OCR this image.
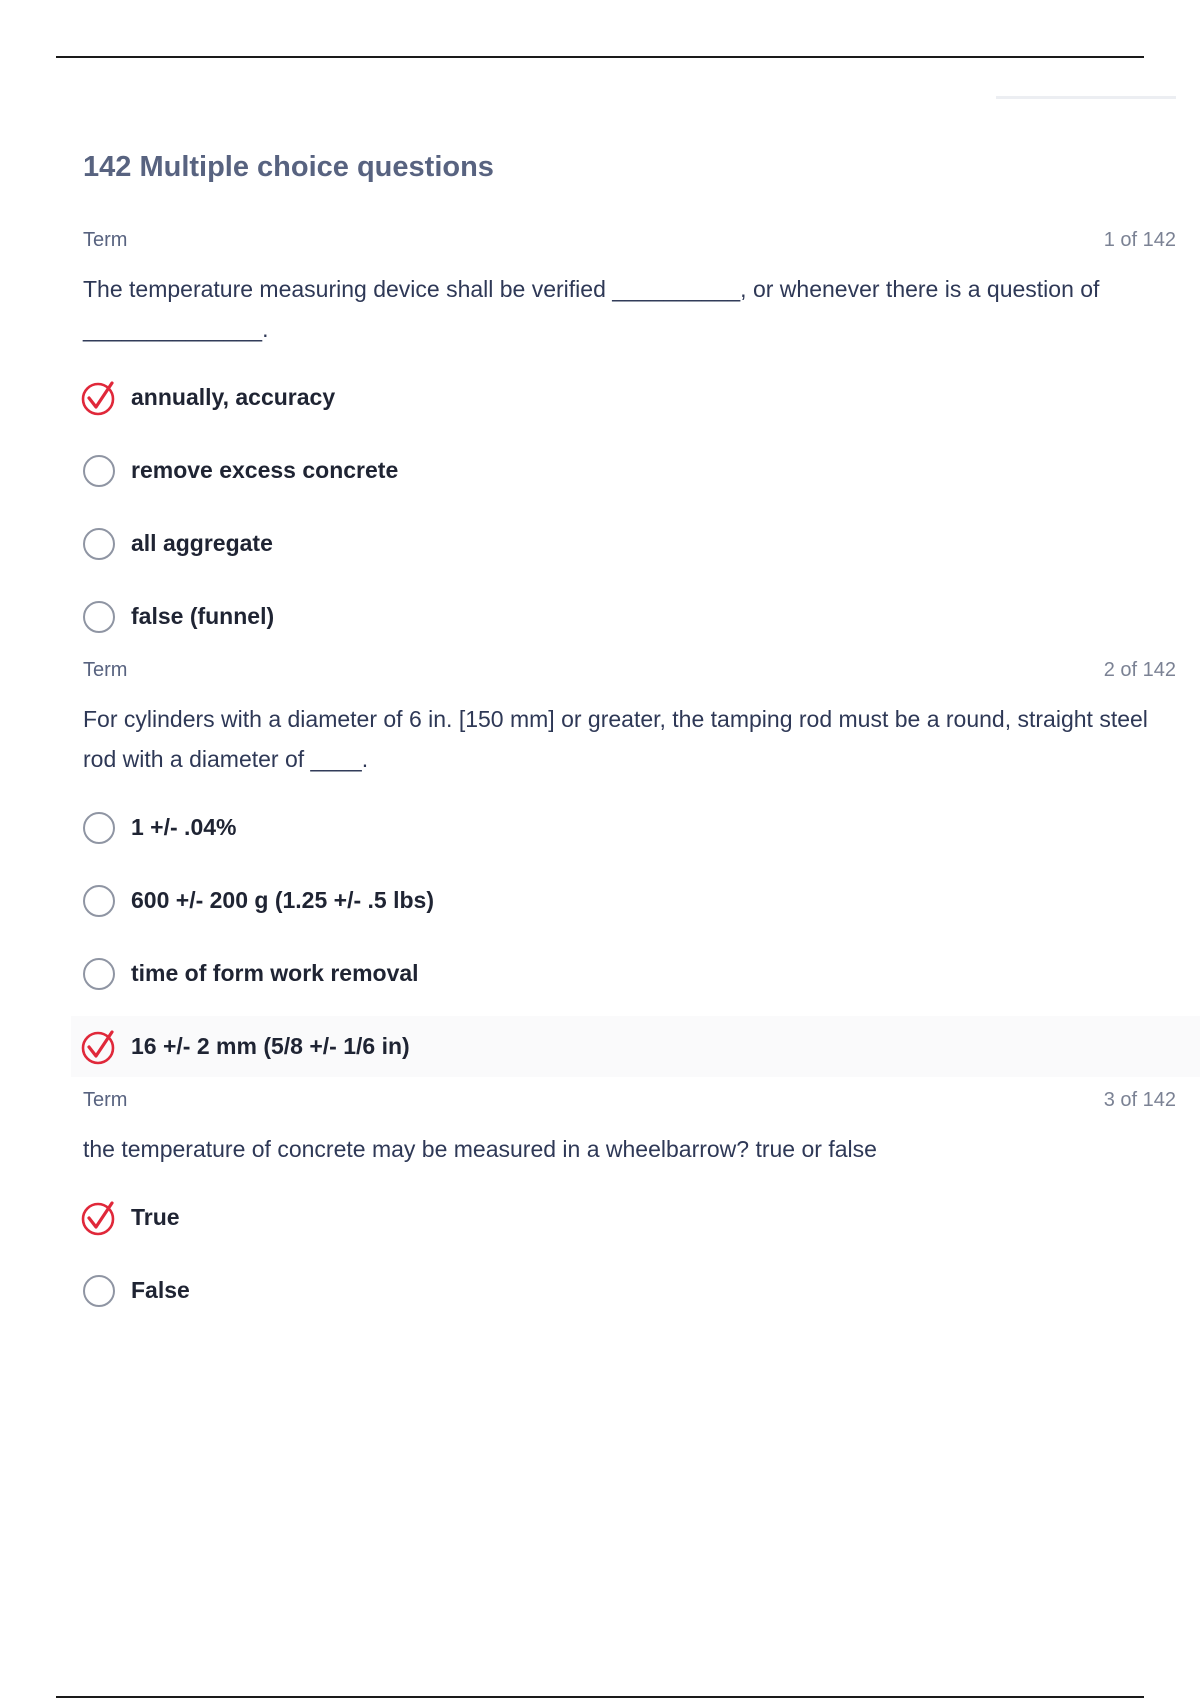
142 Multiple choice questions
Term	1 of 142
The temperature measuring device shall be verified __________, or whenever there is a question of ______________.
annually, accuracy
remove excess concrete
all aggregate
false (funnel)
Term	2 of 142
For cylinders with a diameter of 6 in. [150 mm] or greater, the tamping rod must be a round, straight steel rod with a diameter of ____.
1 +/- .04%
600 +/- 200 g (1.25 +/- .5 lbs)
time of form work removal
16 +/- 2 mm (5/8 +/- 1/6 in)
Term	3 of 142
the temperature of concrete may be measured in a wheelbarrow? true or false
True
False
